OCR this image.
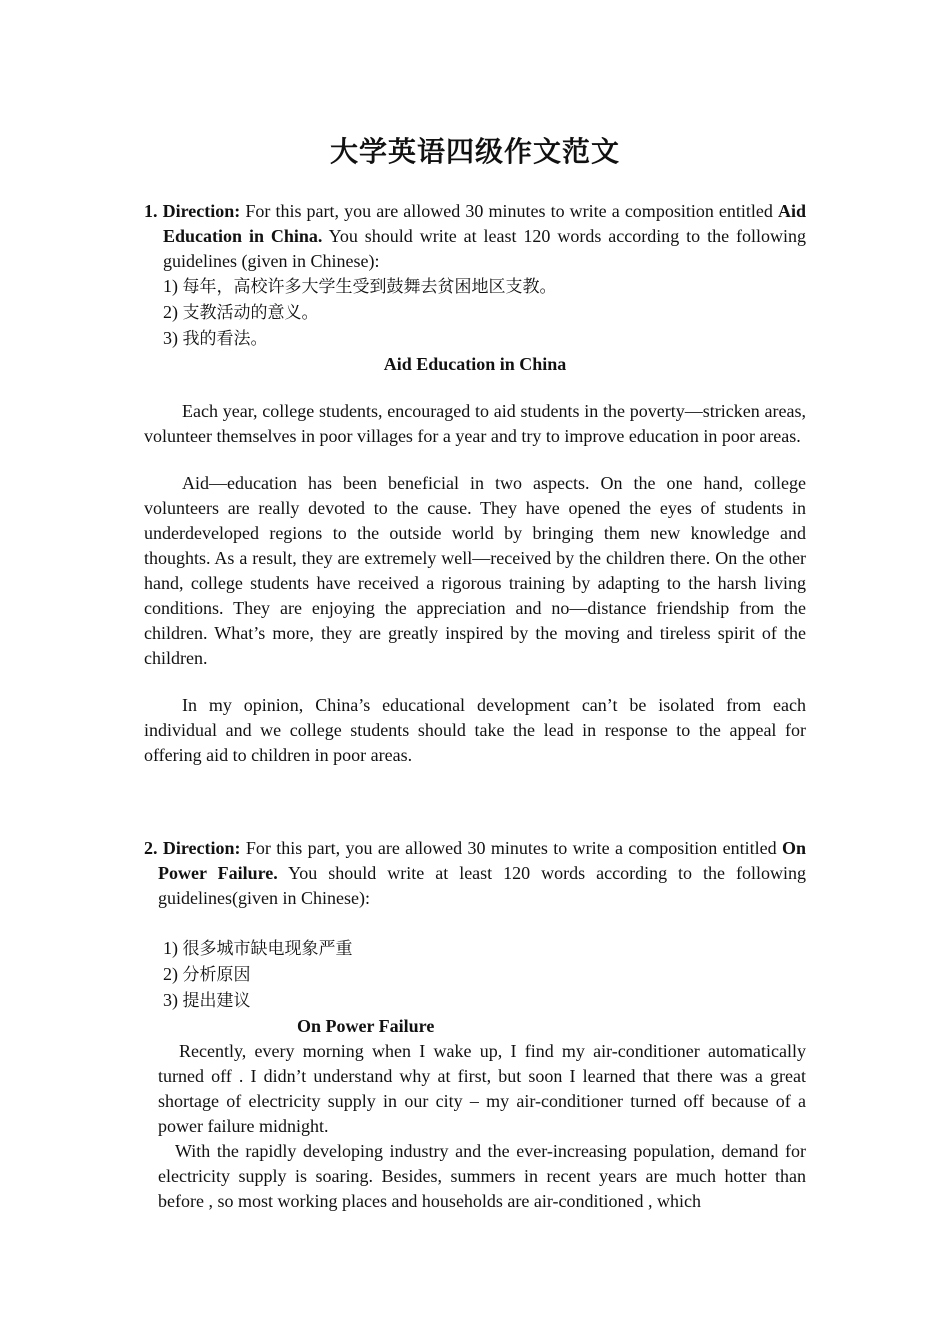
大学英语四级作文范文

1. Direction: For this part, you are allowed 30 minutes to write a composition entitled Aid Education in China. You should write at least 120 words according to the following guidelines (given in Chinese):

1) 每年，高校许多大学生受到鼓舞去贫困地区支教。
2) 支教活动的意义。
3) 我的看法。

Aid Education in China

Each year, college students, encouraged to aid students in the poverty—stricken areas, volunteer themselves in poor villages for a year and try to improve education in poor areas.

Aid—education has been beneficial in two aspects. On the one hand, college volunteers are really devoted to the cause. They have opened the eyes of students in underdeveloped regions to the outside world by bringing them new knowledge and thoughts. As a result, they are extremely well—received by the children there. On the other hand, college students have received a rigorous training by adapting to the harsh living conditions. They are enjoying the appreciation and no—distance friendship from the children. What’s more, they are greatly inspired by the moving and tireless spirit of the children.

In my opinion, China’s educational development can’t be isolated from each individual and we college students should take the lead in response to the appeal for offering aid to children in poor areas.

2. Direction: For this part, you are allowed 30 minutes to write a composition entitled On Power Failure. You should write at least 120 words according to the following guidelines(given in Chinese):

1) 很多城市缺电现象严重
2) 分析原因
3) 提出建议

On Power Failure

Recently, every morning when I wake up, I find my air-conditioner automatically turned off . I didn’t understand why at first, but soon I learned that there was a great shortage of electricity supply in our city – my air-conditioner turned off because of a power failure midnight.

With the rapidly developing industry and the ever-increasing population, demand for electricity supply is soaring. Besides, summers in recent years are much hotter than before , so most working places and households are air-conditioned , which
